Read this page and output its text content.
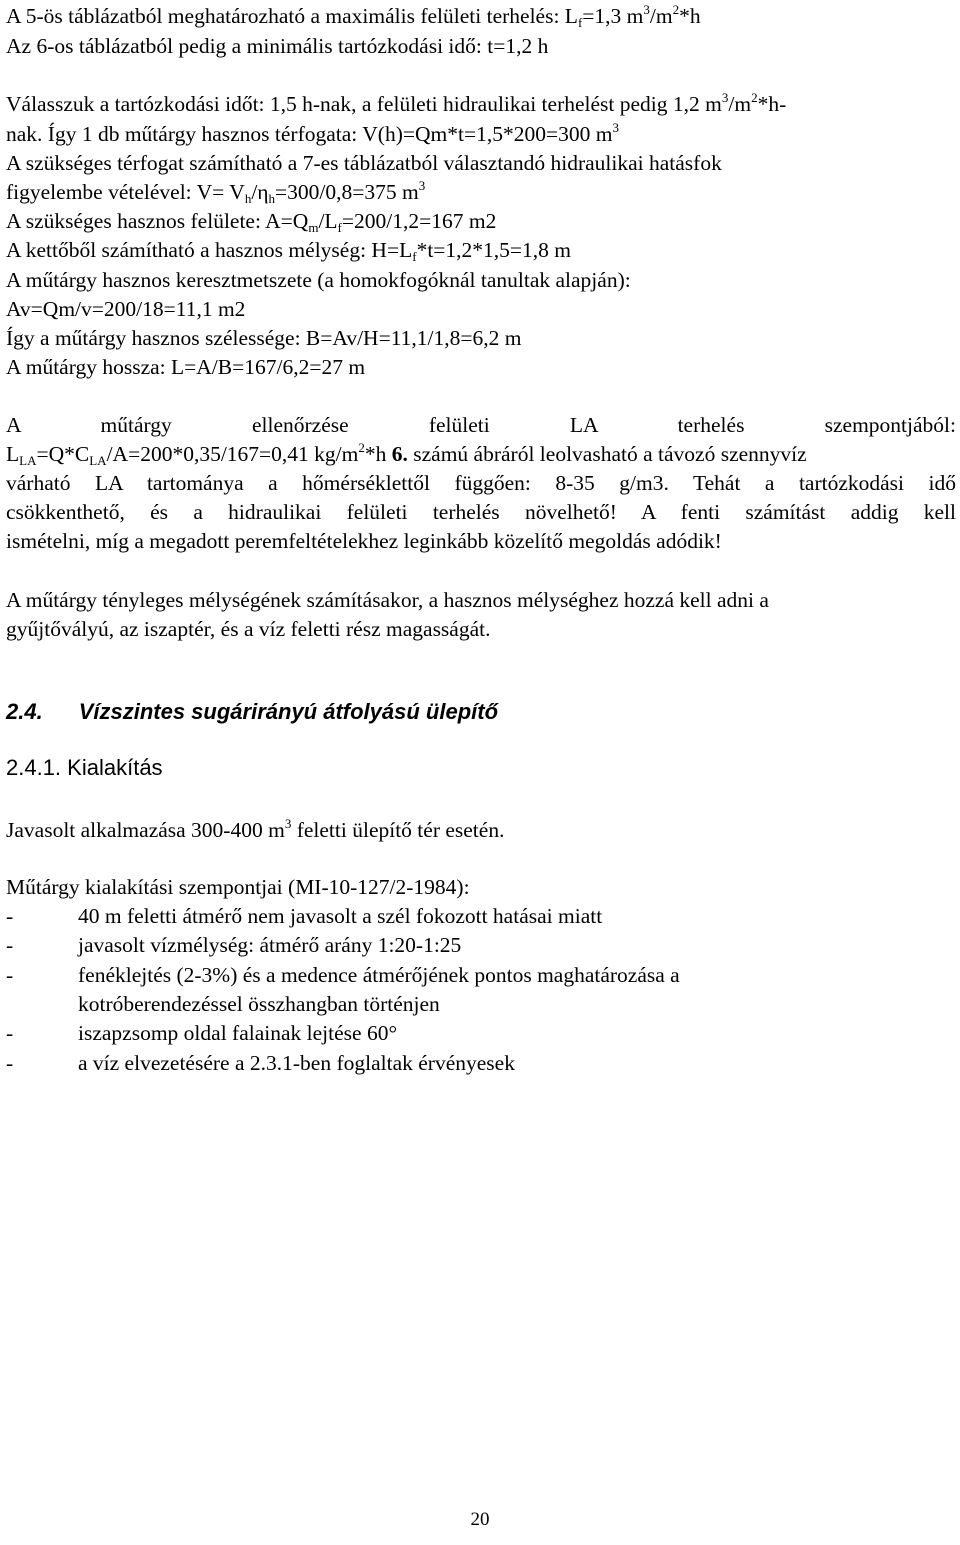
A 5-ös táblázatból meghatározható a maximális felületi terhelés: $L_f=1,3$ $m^3/m^2*h$
Az 6-os táblázatból pedig a minimális tartózkodási idő: t=1,2 h
Válasszuk a tartózkodási időt: 1,5 h-nak, a felületi hidraulikai terhelést pedig 1,2 $m^3/m^2*h-$
nak. Így 1 db műtárgy hasznos térfogata: V(h)=Qm*t=1,5*200=300 $m^3$
A szükséges térfogat számítható a 7-es táblázatból választandó hidraulikai hatásfok
figyelembe vételével: $V= V_h/\eta_h=300/0,8=375$ $m^3$
A szükséges hasznos felülete: $A=Q_m/L_f=200/1,2=167$ m2
A kettőből számítható a hasznos mélység: $H=L_f*t=1,2*1,5=1,8$ m
A műtárgy hasznos keresztmetszete (a homokfogóknál tanultak alapján):
Av=Qm/v=200/18=11,1 m2
Így a műtárgy hasznos szélessége: B=Av/H=11,1/1,8=6,2 m
A műtárgy hossza: L=A/B=167/6,2=27 m
A műtárgy ellenőrzése felületi LA terhelés szempontjából:
$L_{LA}=Q*C_{LA}/A=200*0,35/167=0,41$ $kg/m^2*h$ 6. számú ábráról leolvasható a távozó szennyvíz
várható LA tartománya a hőmérséklettől függően: 8-35 g/m3. Tehát a tartózkodási idő
csökkenthető, és a hidraulikai felületi terhelés növelhető! A fenti számítást addig kell
ismételni, míg a megadott peremfeltételekhez leginkább közelítő megoldás adódik!
A műtárgy tényleges mélységének számításakor, a hasznos mélységhez hozzá kell adni a
gyűjtővályú, az iszaptér, és a víz feletti rész magasságát.
2.4. Vízszintes sugárirányú átfolyású ülepítő
2.4.1. Kialakítás
Javasolt alkalmazása 300-400 $m^3$ feletti ülepítő tér esetén.
Műtárgy kialakítási szempontjai (MI-10-127/2-1984):
-	40 m feletti átmérő nem javasolt a szél fokozott hatásai miatt
-	javasolt vízmélység: átmérő arány 1:20-1:25
-	fenéklejtés (2-3%) és a medence átmérőjének pontos maghatározása a
kotróberendezéssel összhangban történjen
-	iszapzsomp oldal falainak lejtése 60°
-	a víz elvezetésére a 2.3.1-ben foglaltak érvényesek
20
